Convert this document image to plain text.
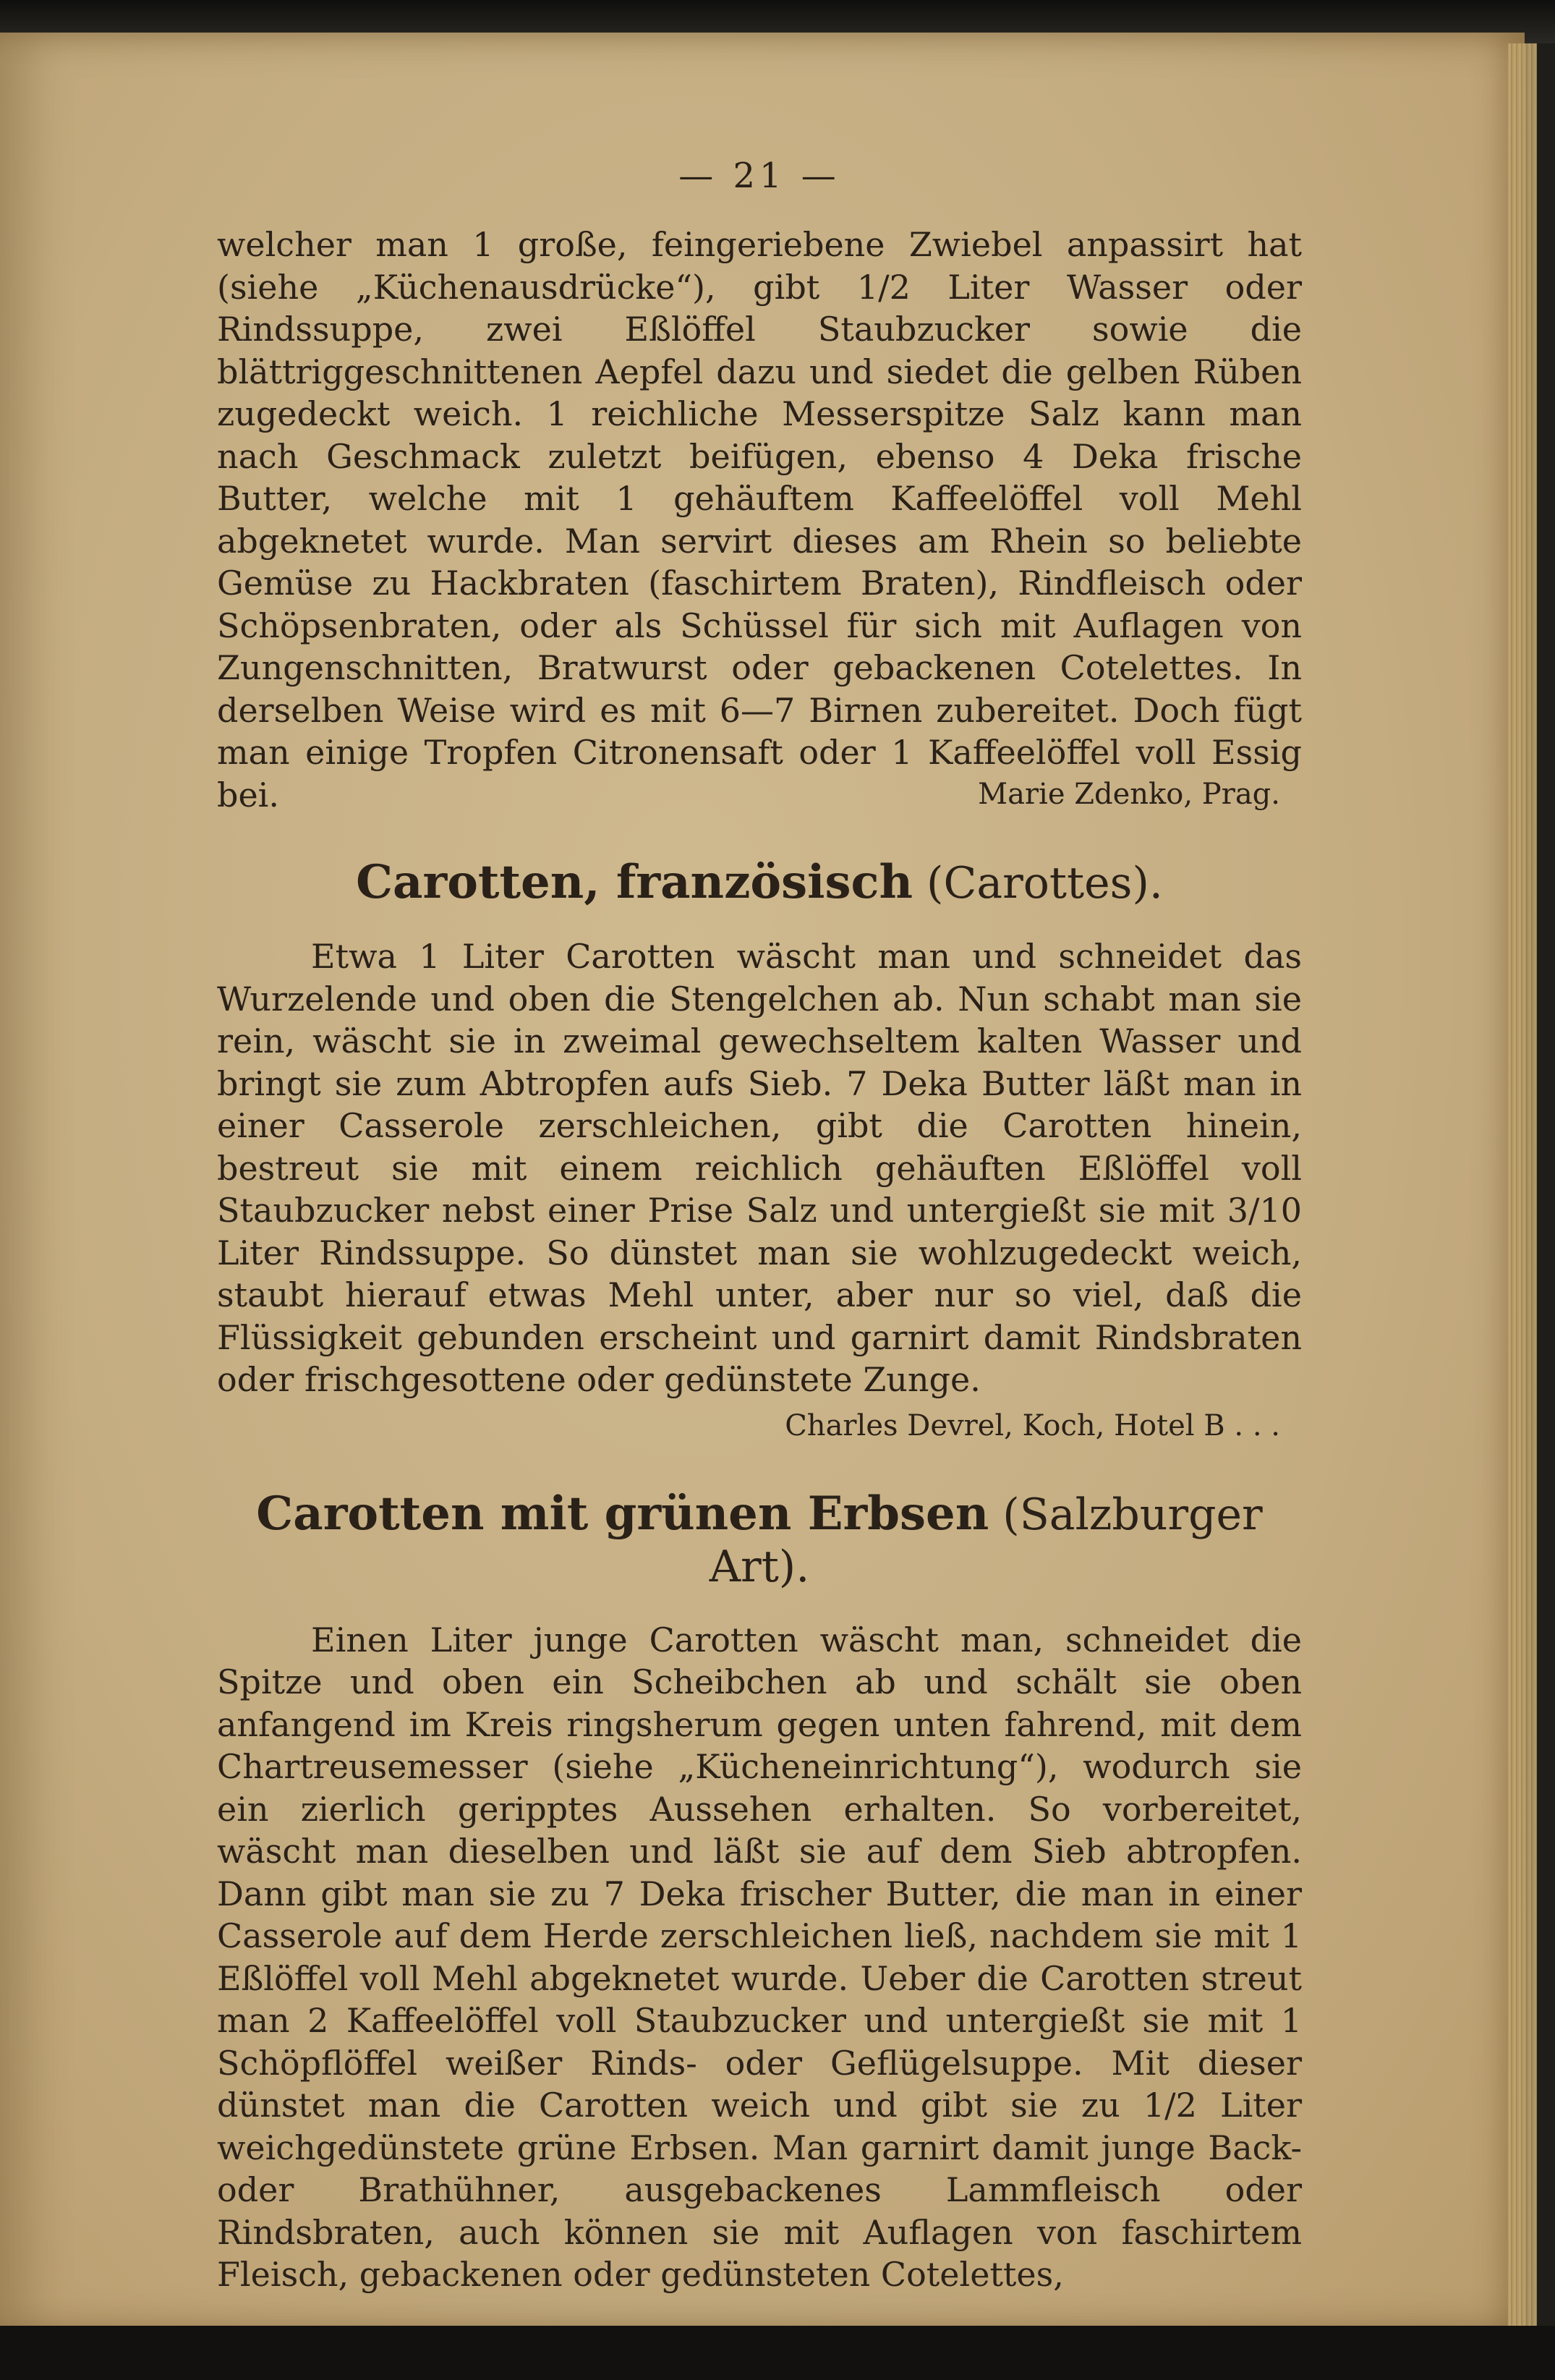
— 21 —

welcher man 1 große, feingeriebene Zwiebel anpassirt hat (siehe „Küchenausdrücke“), gibt 1/2 Liter Wasser oder Rindssuppe, zwei Eßlöffel Staubzucker sowie die blättriggeschnittenen Aepfel dazu und siedet die gelben Rüben zugedeckt weich. 1 reichliche Messerspitze Salz kann man nach Geschmack zuletzt beifügen, ebenso 4 Deka frische Butter, welche mit 1 gehäuftem Kaffeelöffel voll Mehl abgeknetet wurde. Man servirt dieses am Rhein so beliebte Gemüse zu Hackbraten (faschirtem Braten), Rindfleisch oder Schöpsenbraten, oder als Schüssel für sich mit Auflagen von Zungenschnitten, Bratwurst oder gebackenen Cotelettes. In derselben Weise wird es mit 6—7 Birnen zubereitet. Doch fügt man einige Tropfen Citronensaft oder 1 Kaffeelöffel voll Essig bei.	Marie Zdenko, Prag.
Carotten, französisch (Carottes).

Etwa 1 Liter Carotten wäscht man und schneidet das Wurzelende und oben die Stengelchen ab. Nun schabt man sie rein, wäscht sie in zweimal gewechseltem kalten Wasser und bringt sie zum Abtropfen aufs Sieb. 7 Deka Butter läßt man in einer Casserole zerschleichen, gibt die Carotten hinein, bestreut sie mit einem reichlich gehäuften Eßlöffel voll Staubzucker nebst einer Prise Salz und untergießt sie mit 3/10 Liter Rindssuppe. So dünstet man sie wohlzugedeckt weich, staubt hierauf etwas Mehl unter, aber nur so viel, daß die Flüssigkeit gebunden erscheint und garnirt damit Rindsbraten oder frischgesottene oder gedünstete Zunge.

Charles Devrel, Koch, Hotel B . . .
Carotten mit grünen Erbsen (Salzburger Art).

Einen Liter junge Carotten wäscht man, schneidet die Spitze und oben ein Scheibchen ab und schält sie oben anfangend im Kreis ringsherum gegen unten fahrend, mit dem Chartreusemesser (siehe „Kücheneinrichtung“), wodurch sie ein zierlich geripptes Aussehen erhalten. So vorbereitet, wäscht man dieselben und läßt sie auf dem Sieb abtropfen. Dann gibt man sie zu 7 Deka frischer Butter, die man in einer Casserole auf dem Herde zerschleichen ließ, nachdem sie mit 1 Eßlöffel voll Mehl abgeknetet wurde. Ueber die Carotten streut man 2 Kaffeelöffel voll Staubzucker und untergießt sie mit 1 Schöpflöffel weißer Rinds- oder Geflügelsuppe. Mit dieser dünstet man die Carotten weich und gibt sie zu 1/2 Liter weichgedünstete grüne Erbsen. Man garnirt damit junge Back- oder Brathühner, ausgebackenes Lammfleisch oder Rindsbraten, auch können sie mit Auflagen von faschirtem Fleisch, gebackenen oder gedünsteten Cotelettes,
